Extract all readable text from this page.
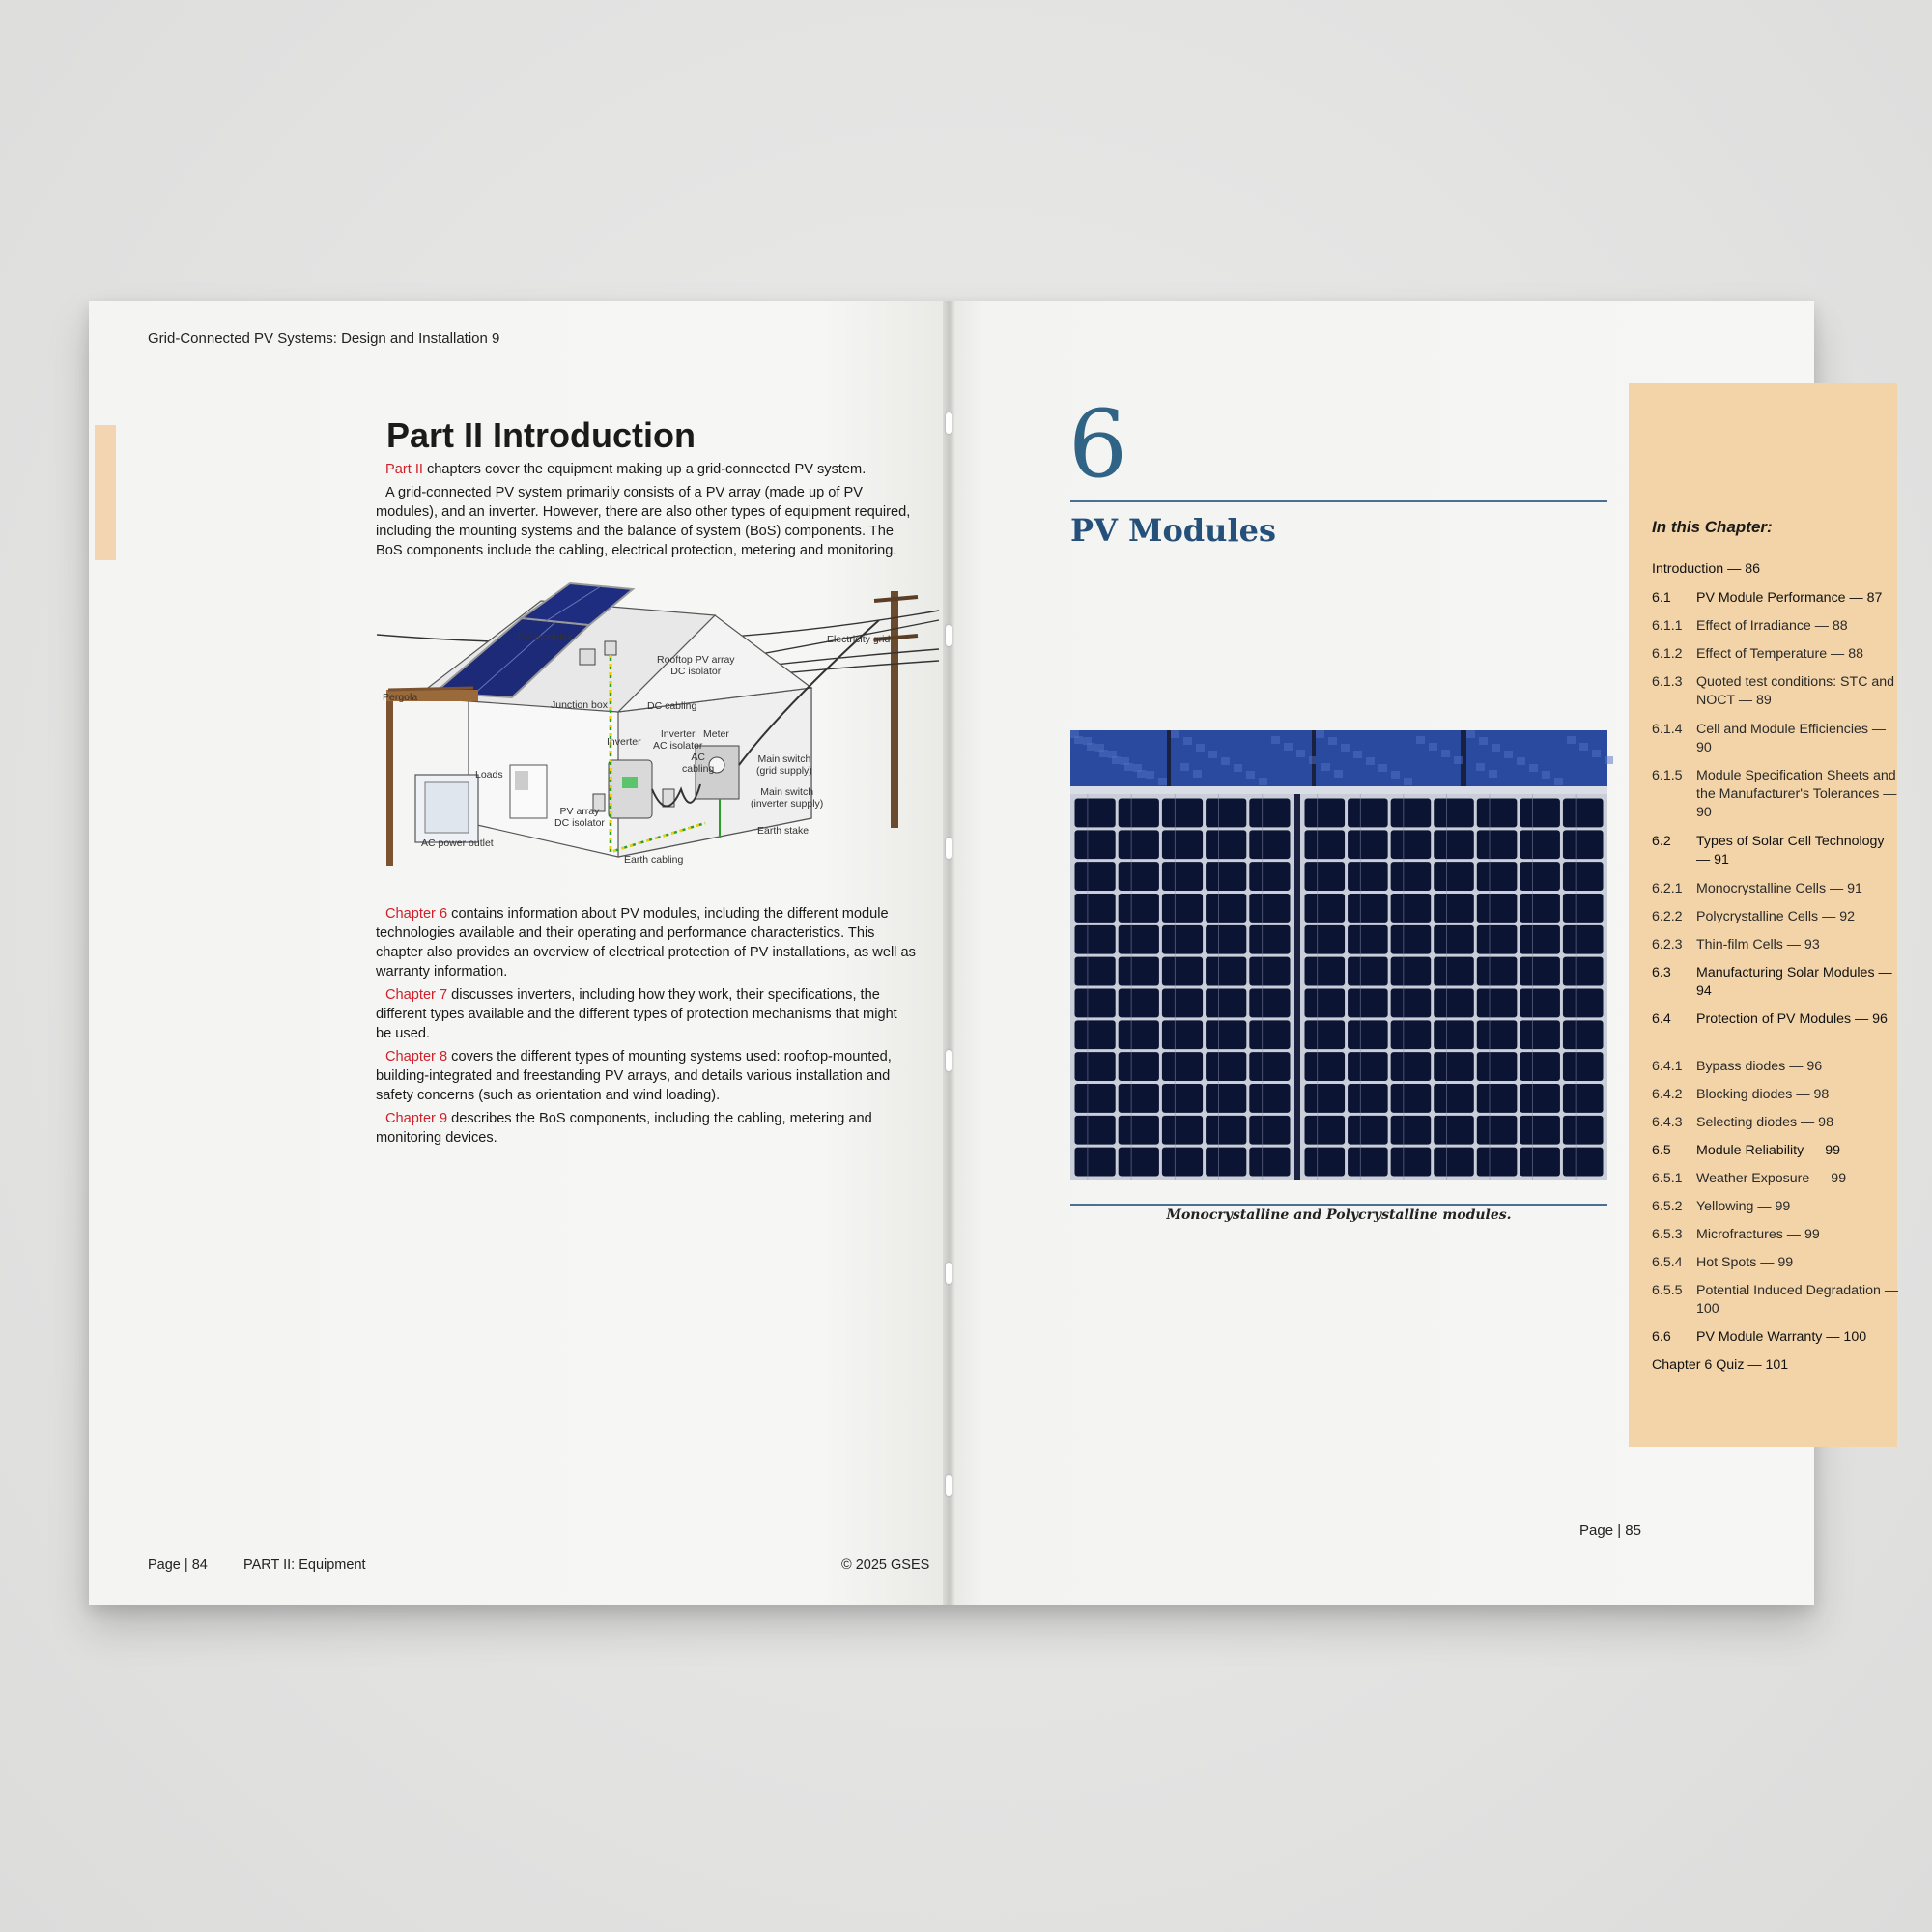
Grid-Connected PV Systems: Design and Installation 9
Part II Introduction
Part II chapters cover the equipment making up a grid-connected PV system.
A grid-connected PV system primarily consists of a PV array (made up of PV
modules), and an inverter. However, there are also other types of equipment required,
including the mounting systems and the balance of system (BoS) components. The
BoS components include the cabling, electrical protection, metering and monitoring.
PV modules	Electricity grid
Rooftop PV array
DC isolator
Pergola
Junction box	DC cabling
Inverter
Inverter
AC isolator
Meter
AC
cabling
Loads
Main switch
(grid supply)
Main switch
(inverter supply)
PV array
DC isolator
Earth stake
AC power outlet
Earth cabling
Chapter 6 contains information about PV modules, including the different module
technologies available and their operating and performance characteristics. This
chapter also provides an overview of electrical protection of PV installations, as well as
warranty information.
Chapter 7 discusses inverters, including how they work, their specifications, the
different types available and the different types of protection mechanisms that might
be used.
Chapter 8 covers the different types of mounting systems used: rooftop-mounted,
building-integrated and freestanding PV arrays, and details various installation and
safety concerns (such as orientation and wind loading).
Chapter 9 describes the BoS components, including the cabling, metering and
monitoring devices.
Page | 84	PART II: Equipment	© 2025 GSES
6
PV Modules
Monocrystalline and Polycrystalline modules.
In this Chapter:
Introduction — 86
6.1	PV Module Performance — 87
6.1.1	Effect of Irradiance — 88
6.1.2	Effect of Temperature — 88
6.1.3	Quoted test conditions: STC and NOCT — 89
6.1.4	Cell and Module Efficiencies — 90
6.1.5	Module Specification Sheets and the Manufacturer's Tolerances — 90
6.2	Types of Solar Cell Technology — 91
6.2.1	Monocrystalline Cells — 91
6.2.2	Polycrystalline Cells — 92
6.2.3	Thin-film Cells — 93
6.3	Manufacturing Solar Modules — 94
6.4	Protection of PV Modules — 96
6.4.1	Bypass diodes — 96
6.4.2	Blocking diodes — 98
6.4.3	Selecting diodes — 98
6.5	Module Reliability — 99
6.5.1	Weather Exposure — 99
6.5.2	Yellowing — 99
6.5.3	Microfractures — 99
6.5.4	Hot Spots — 99
6.5.5	Potential Induced Degradation — 100
6.6	PV Module Warranty — 100
Chapter 6 Quiz — 101
Page | 85
